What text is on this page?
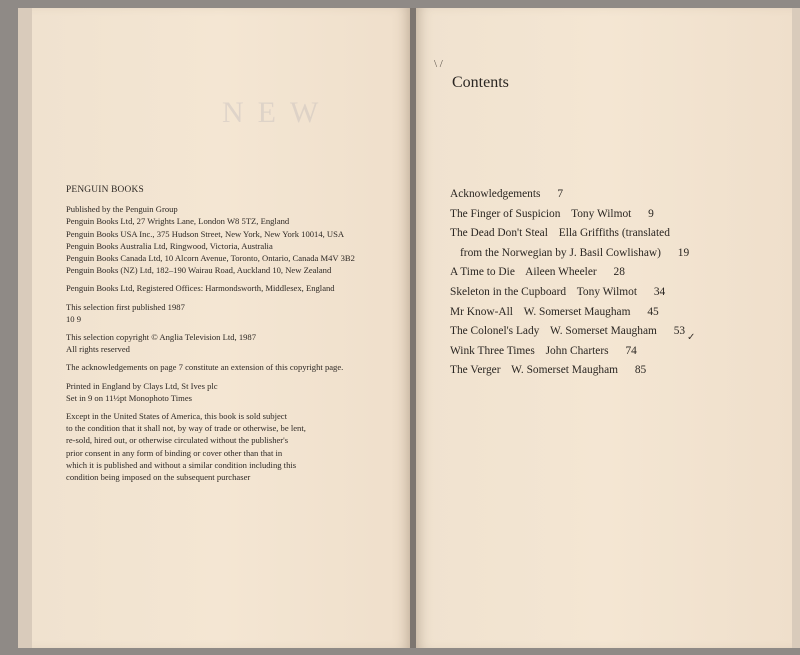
NEW

PENGUIN BOOKS

Published by the Penguin Group
Penguin Books Ltd, 27 Wrights Lane, London W8 5TZ, England
Penguin Books USA Inc., 375 Hudson Street, New York, New York 10014, USA
Penguin Books Australia Ltd, Ringwood, Victoria, Australia
Penguin Books Canada Ltd, 10 Alcorn Avenue, Toronto, Ontario, Canada M4V 3B2
Penguin Books (NZ) Ltd, 182–190 Wairau Road, Auckland 10, New Zealand

Penguin Books Ltd, Registered Offices: Harmondsworth, Middlesex, England

This selection first published 1987
10 9

This selection copyright © Anglia Television Ltd, 1987
All rights reserved

The acknowledgements on page 7 constitute an extension of this copyright page.

Printed in England by Clays Ltd, St Ives plc
Set in 9 on 11½pt Monophoto Times

Except in the United States of America, this book is sold subject
to the condition that it shall not, by way of trade or otherwise, be lent,
re-sold, hired out, or otherwise circulated without the publisher's
prior consent in any form of binding or cover other than that in
which it is published and without a similar condition including this
condition being imposed on the subsequent purchaser

\ /
Contents
Acknowledgements 7
The Finger of Suspicion Tony Wilmot 9
The Dead Don't Steal Ella Griffiths (translated
from the Norwegian by J. Basil Cowlishaw) 19
A Time to Die Aileen Wheeler 28
Skeleton in the Cupboard Tony Wilmot 34
Mr Know-All W. Somerset Maugham 45
The Colonel's Lady W. Somerset Maugham 53
Wink Three Times John Charters 74
The Verger W. Somerset Maugham 85
✓
